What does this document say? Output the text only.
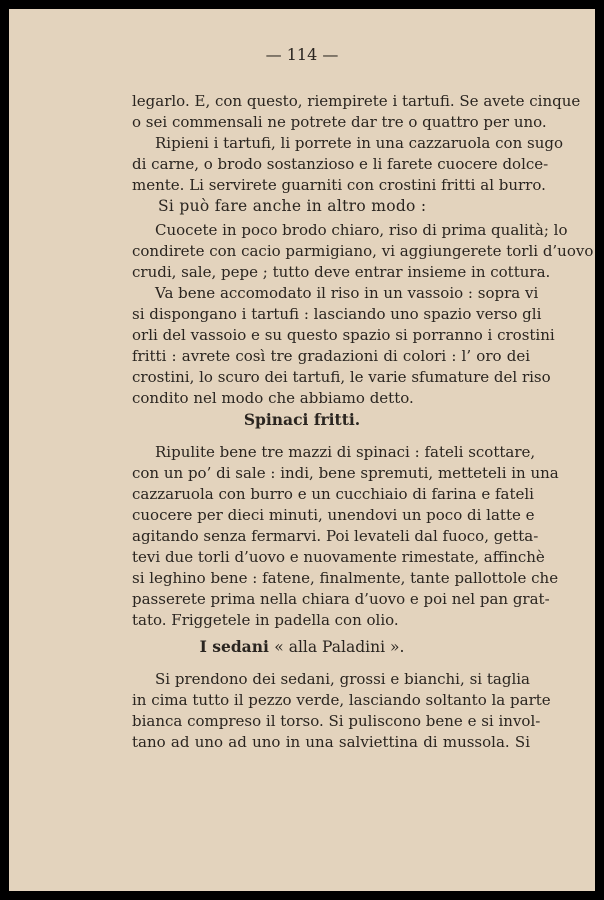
— 114 —
legarlo. E, con questo, riempirete i tartufi. Se avete cinque
o sei commensali ne potrete dar tre o quattro per uno.
Ripieni i tartufi, li porrete in una cazzaruola con sugo
di carne, o brodo sostanzioso e li farete cuocere dolce-
mente. Li servirete guarniti con crostini fritti al burro.
Si può fare anche in altro modo :
Cuocete in poco brodo chiaro, riso di prima qualità; lo
condirete con cacio parmigiano, vi aggiungerete torli d’uovo
crudi, sale, pepe ; tutto deve entrar insieme in cottura.
Va bene accomodato il riso in un vassoio : sopra vi
si dispongano i tartufi : lasciando uno spazio verso gli
orli del vassoio e su questo spazio si porranno i crostini
fritti : avrete così tre gradazioni di colori : l’ oro dei
crostini, lo scuro dei tartufi, le varie sfumature del riso
condito nel modo che abbiamo detto.
Spinaci fritti.
Ripulite bene tre mazzi di spinaci : fateli scottare,
con un po’ di sale : indi, bene spremuti, metteteli in una
cazzaruola con burro e un cucchiaio di farina e fateli
cuocere per dieci minuti, unendovi un poco di latte e
agitando senza fermarvi. Poi levateli dal fuoco, getta-
tevi due torli d’uovo e nuovamente rimestate, affinchè
si leghino bene : fatene, finalmente, tante pallottole che
passerete prima nella chiara d’uovo e poi nel pan grat-
tato. Friggetele in padella con olio.
I sedani « alla Paladini ».
Si prendono dei sedani, grossi e bianchi, si taglia
in cima tutto il pezzo verde, lasciando soltanto la parte
bianca compreso il torso. Si puliscono bene e si invol-
tano ad uno ad uno in una salviettina di mussola. Si
